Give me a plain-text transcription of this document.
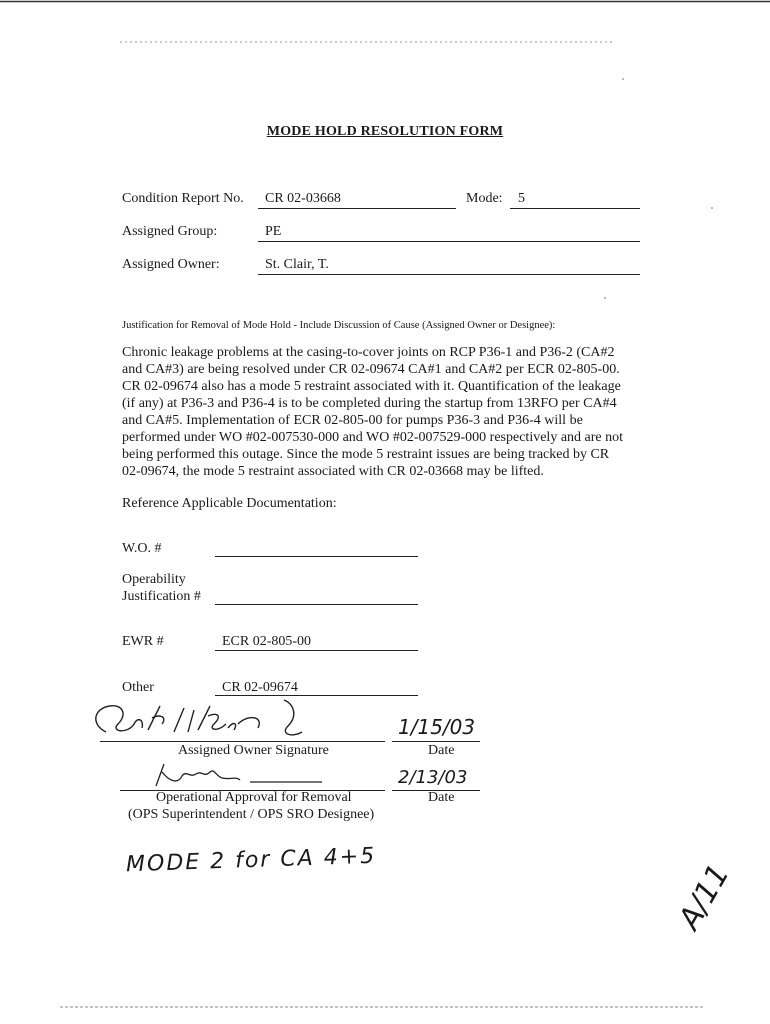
MODE HOLD RESOLUTION FORM
Condition Report No. CR 02-03668	Mode: 5
Assigned Group:	PE
Assigned Owner:	St. Clair, T.
Justification for Removal of Mode Hold - Include Discussion of Cause (Assigned Owner or Designee):
Chronic leakage problems at the casing-to-cover joints on RCP P36-1 and P36-2 (CA#2
and CA#3) are being resolved under CR 02-09674 CA#1 and CA#2 per ECR 02-805-00.
CR 02-09674 also has a mode 5 restraint associated with it. Quantification of the leakage
(if any) at P36-3 and P36-4 is to be completed during the startup from 13RFO per CA#4
and CA#5. Implementation of ECR 02-805-00 for pumps P36-3 and P36-4 will be
performed under WO #02-007530-000 and WO #02-007529-000 respectively and are not
being performed this outage. Since the mode 5 restraint issues are being tracked by CR
02-09674, the mode 5 restraint associated with CR 02-03668 may be lifted.
Reference Applicable Documentation:
W.O. #
Operability
Justification #
EWR #	ECR 02-805-00
Other	CR 02-09674
Assigned Owner Signature
1/15/03
Date
Operational Approval for Removal
(OPS Superintendent / OPS SRO Designee)
2/13/03
Date
MODE 2 for CA 4+5	A/11
